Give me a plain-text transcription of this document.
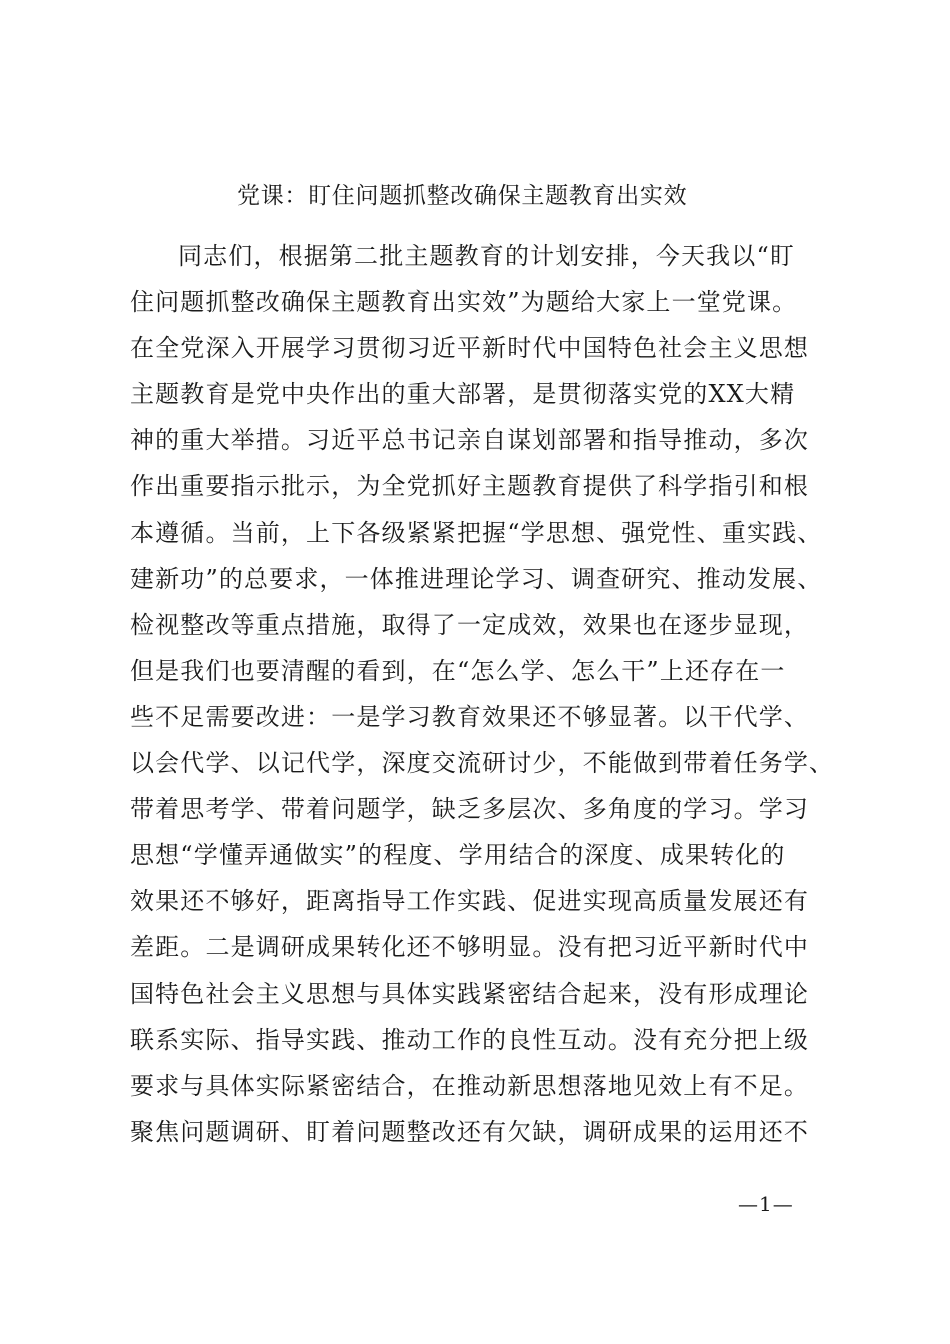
党课：盯住问题抓整改确保主题教育出实效
同志们，根据第二批主题教育的计划安排，今天我以“盯
住问题抓整改确保主题教育出实效”为题给大家上一堂党课。
在全党深入开展学习贯彻习近平新时代中国特色社会主义思想
主题教育是党中央作出的重大部署，是贯彻落实党的XX大精
神的重大举措。习近平总书记亲自谋划部署和指导推动，多次
作出重要指示批示，为全党抓好主题教育提供了科学指引和根
本遵循。当前，上下各级紧紧把握“学思想、强党性、重实践、
建新功”的总要求，一体推进理论学习、调查研究、推动发展、
检视整改等重点措施，取得了一定成效，效果也在逐步显现，
但是我们也要清醒的看到，在“怎么学、怎么干”上还存在一
些不足需要改进：一是学习教育效果还不够显著。以干代学、
以会代学、以记代学，深度交流研讨少，不能做到带着任务学、
带着思考学、带着问题学，缺乏多层次、多角度的学习。学习
思想“学懂弄通做实”的程度、学用结合的深度、成果转化的
效果还不够好，距离指导工作实践、促进实现高质量发展还有
差距。二是调研成果转化还不够明显。没有把习近平新时代中
国特色社会主义思想与具体实践紧密结合起来，没有形成理论
联系实际、指导实践、推动工作的良性互动。没有充分把上级
要求与具体实际紧密结合，在推动新思想落地见效上有不足。
聚焦问题调研、盯着问题整改还有欠缺，调研成果的运用还不
—1—
